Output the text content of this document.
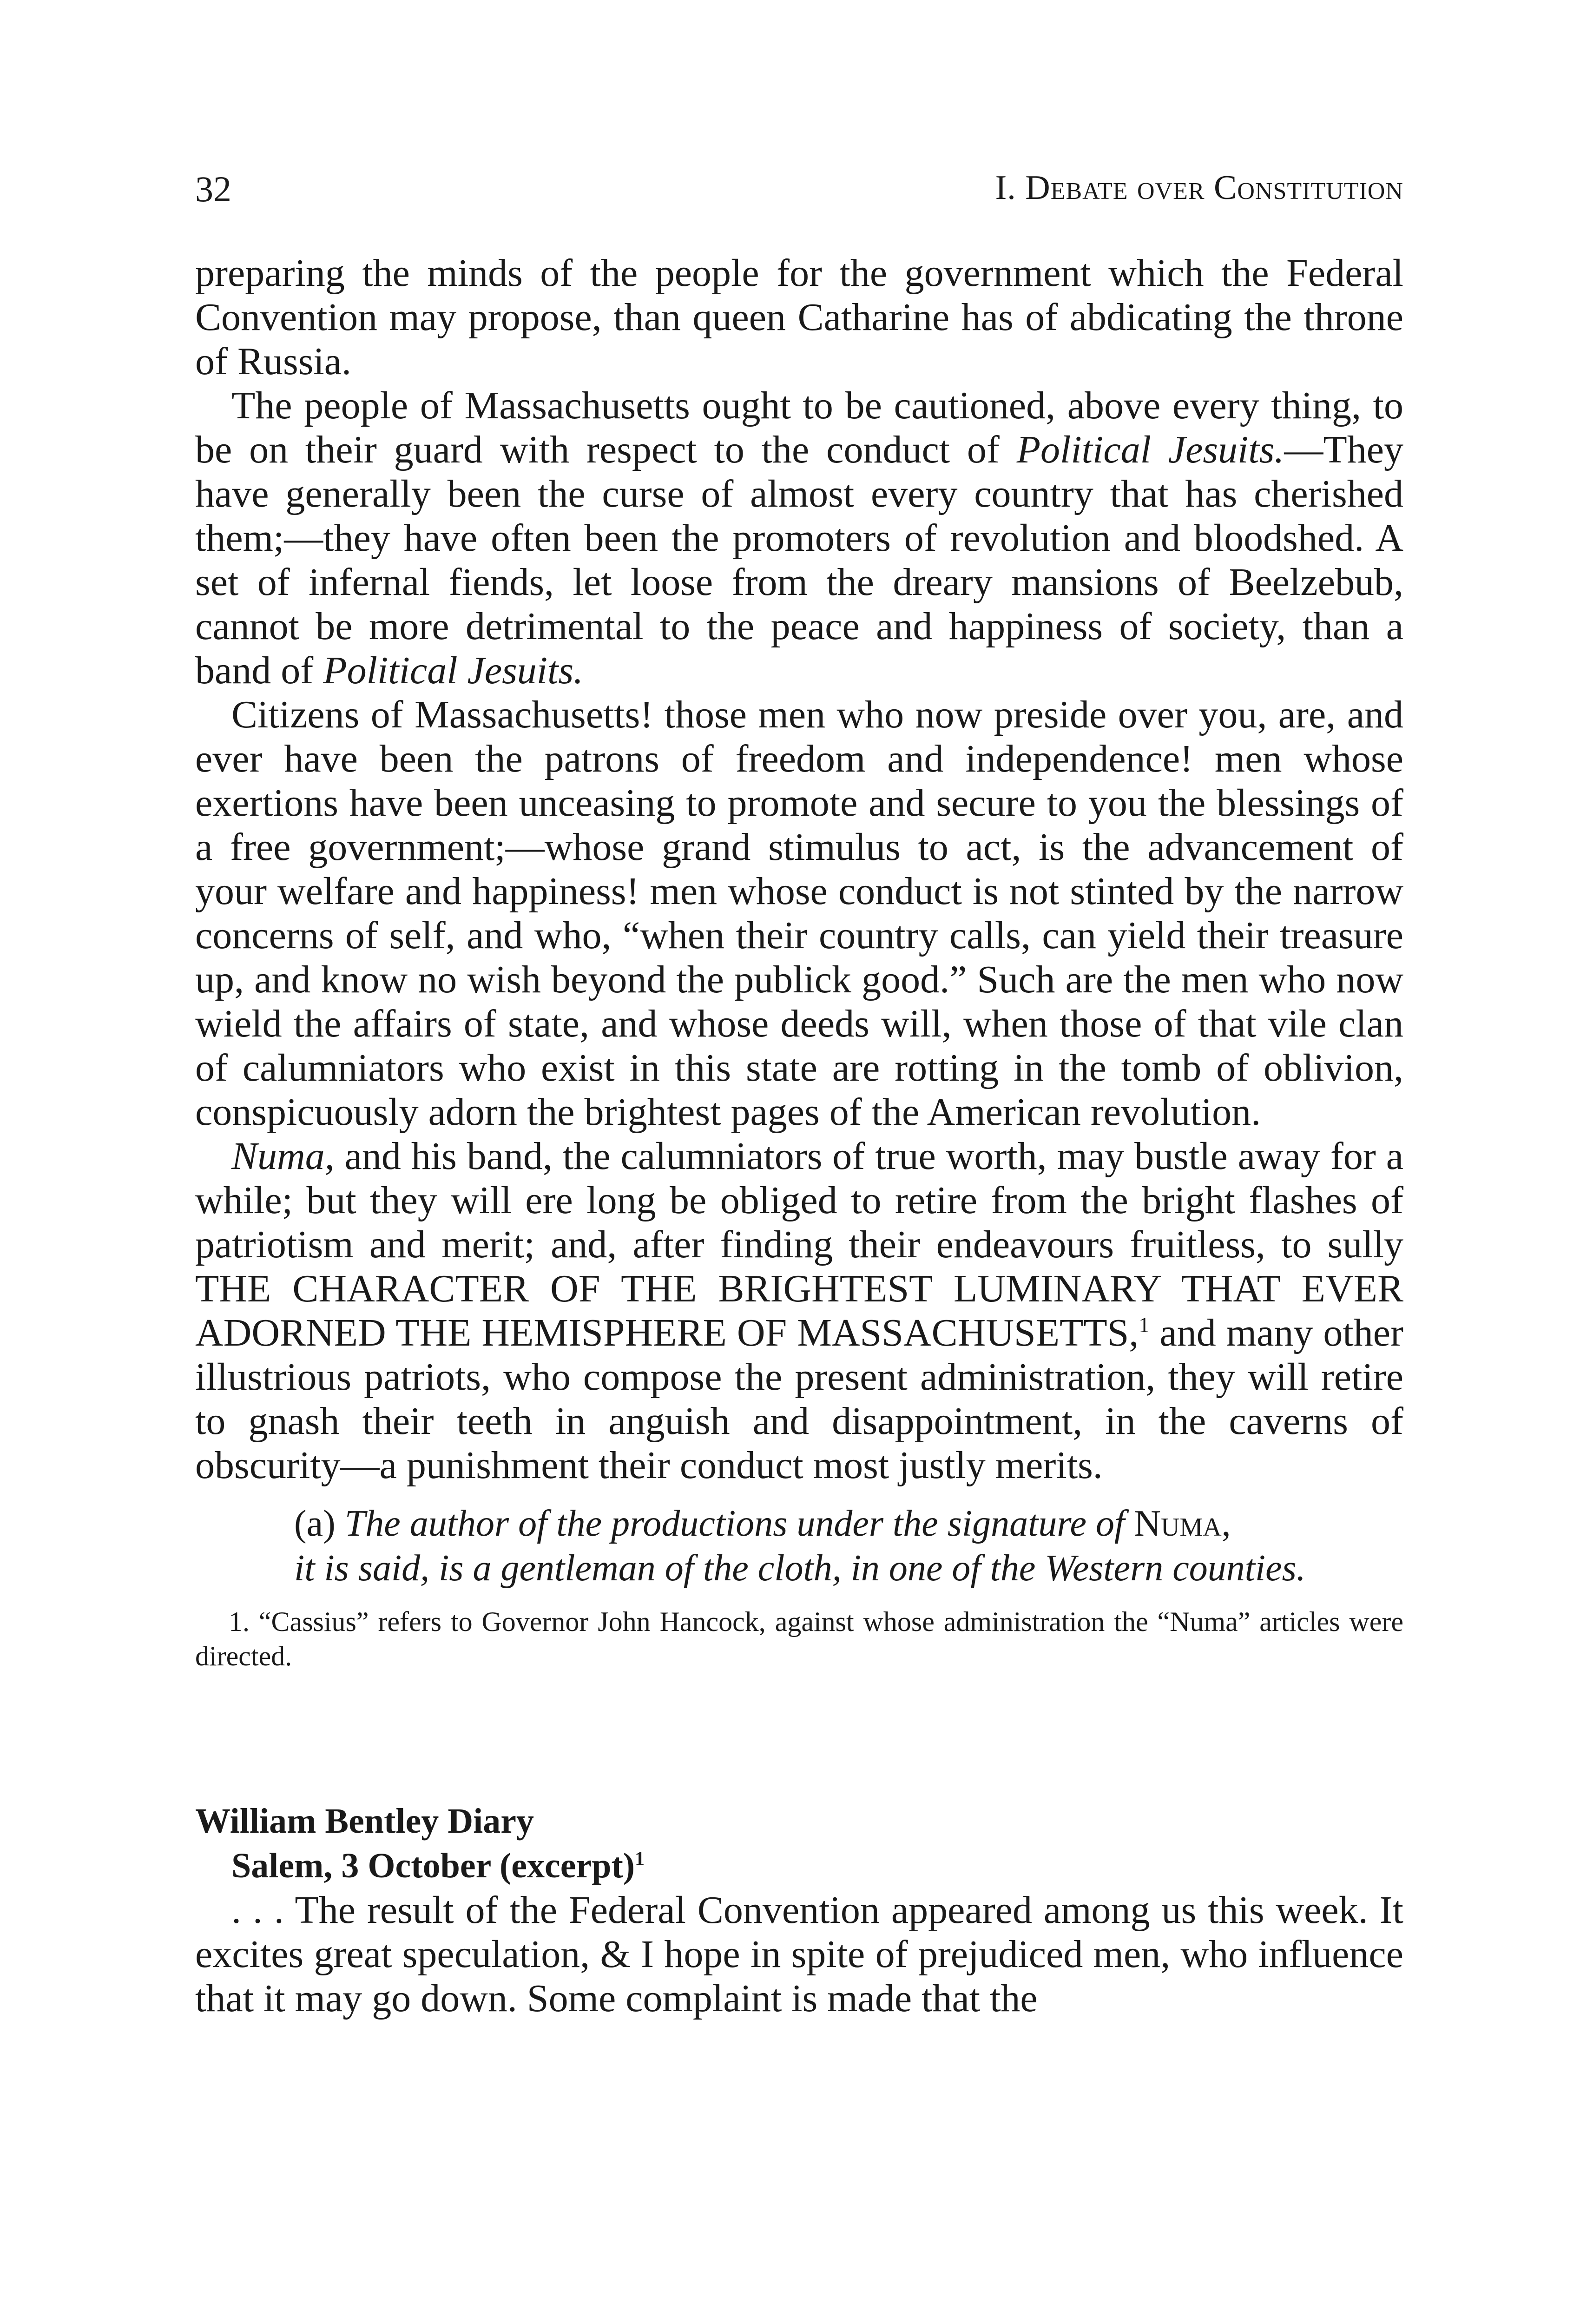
32	I. Debate over Constitution

preparing the minds of the people for the government which the Federal Convention may propose, than queen Catharine has of abdicating the throne of Russia.

The people of Massachusetts ought to be cautioned, above every thing, to be on their guard with respect to the conduct of Political Jesuits.—They have generally been the curse of almost every country that has cherished them;—they have often been the promoters of revolution and bloodshed. A set of infernal fiends, let loose from the dreary mansions of Beelzebub, cannot be more detrimental to the peace and happiness of society, than a band of Political Jesuits.

Citizens of Massachusetts! those men who now preside over you, are, and ever have been the patrons of freedom and independence! men whose exertions have been unceasing to promote and secure to you the blessings of a free government;—whose grand stimulus to act, is the advancement of your welfare and happiness! men whose conduct is not stinted by the narrow concerns of self, and who, “when their country calls, can yield their treasure up, and know no wish beyond the publick good.” Such are the men who now wield the affairs of state, and whose deeds will, when those of that vile clan of calumniators who exist in this state are rotting in the tomb of oblivion, conspicuously adorn the brightest pages of the American revolution.

Numa, and his band, the calumniators of true worth, may bustle away for a while; but they will ere long be obliged to retire from the bright flashes of patriotism and merit; and, after finding their endeavours fruitless, to sully THE CHARACTER OF THE BRIGHTEST LUMINARY THAT EVER ADORNED THE HEMISPHERE OF MASSACHUSETTS,$^1$ and many other illustrious patriots, who compose the present administration, they will retire to gnash their teeth in anguish and disappointment, in the caverns of obscurity—a punishment their conduct most justly merits.

(a) The author of the productions under the signature of Numa,
it is said, is a gentleman of the cloth, in one of the Western counties.
1. “Cassius” refers to Governor John Hancock, against whose administration the “Numa” articles were directed.
William Bentley Diary
Salem, 3 October (excerpt)$^1$

. . . The result of the Federal Convention appeared among us this week. It excites great speculation, & I hope in spite of prejudiced men, who influence that it may go down. Some complaint is made that the
